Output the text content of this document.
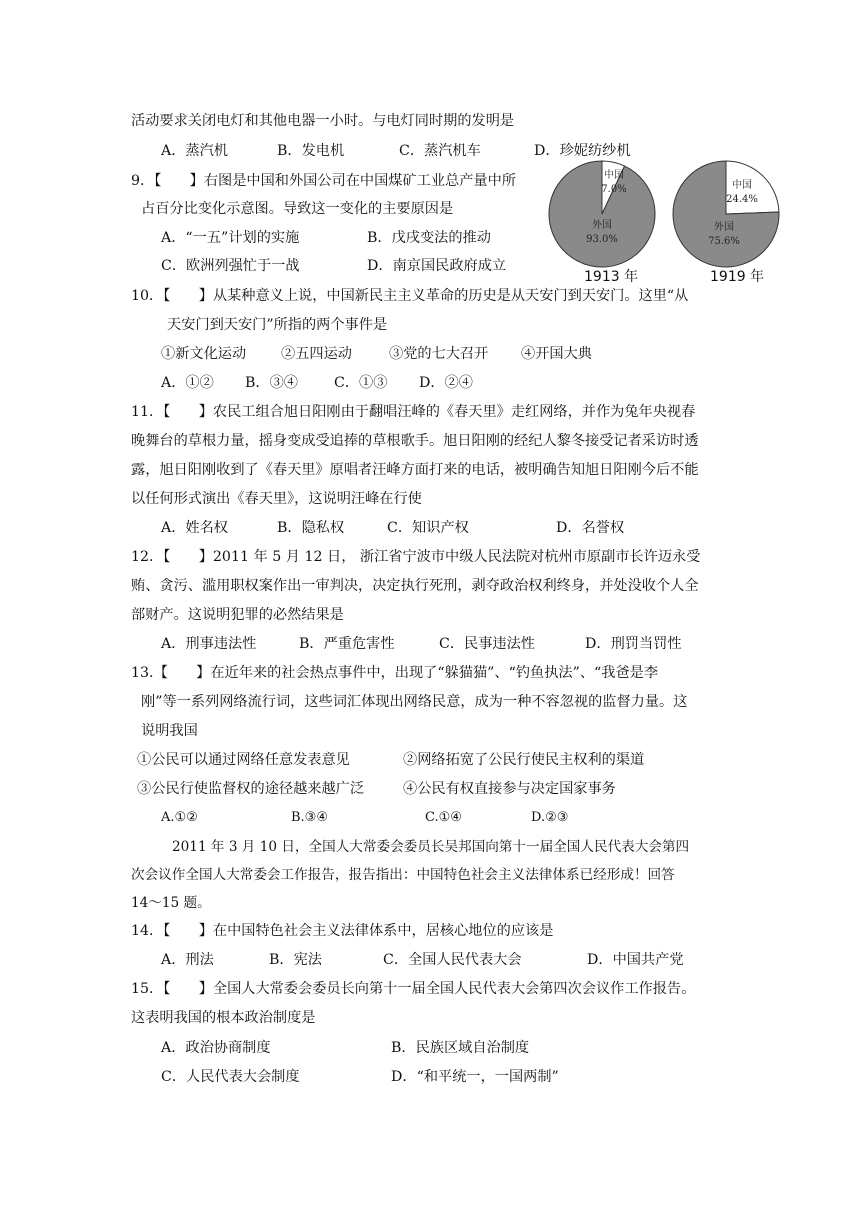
活动要求关闭电灯和其他电器一小时。与电灯同时期的发明是
A．蒸汽机	B．发电机	C．蒸汽机车	D．珍妮纺纱机
9．【　　】右图是中国和外国公司在中国煤矿工业总产量中所
占百分比变化示意图。导致这一变化的主要原因是
A．“一五”计划的实施	B．戊戌变法的推动
C．欧洲列强忙于一战	D．南京国民政府成立
中国
7.0%
外国
93.0%
1913 年
中国
24.4%
外国
75.6%
1919 年
10．【　　】从某种意义上说，中国新民主主义革命的历史是从天安门到天安门。这里“从
天安门到天安门”所指的两个事件是
①新文化运动 ②五四运动	③党的七大召开 ④开国大典
A．①② B．③④	C．①③ D．②④
11．【　　】农民工组合旭日阳刚由于翻唱汪峰的《春天里》走红网络，并作为兔年央视春
晚舞台的草根力量，摇身变成受追捧的草根歌手。旭日阳刚的经纪人黎冬接受记者采访时透
露，旭日阳刚收到了《春天里》原唱者汪峰方面打来的电话，被明确告知旭日阳刚今后不能
以任何形式演出《春天里》，这说明汪峰在行使
A．姓名权	B．隐私权	C．知识产权	D．名誉权
12．【　　】2011 年 5 月 12 日， 浙江省宁波市中级人民法院对杭州市原副市长许迈永受
贿、贪污、滥用职权案作出一审判决，决定执行死刑，剥夺政治权利终身，并处没收个人全
部财产。这说明犯罪的必然结果是
A．刑事违法性	B．严重危害性	C．民事违法性	D．刑罚当罚性
13.【　　】在近年来的社会热点事件中，出现了“躲猫猫”、“钓鱼执法”、“我爸是李
刚”等一系列网络流行词，这些词汇体现出网络民意，成为一种不容忽视的监督力量。这
说明我国
①公民可以通过网络任意发表意见	②网络拓宽了公民行使民主权利的渠道
③公民行使监督权的途径越来越广泛	④公民有权直接参与决定国家事务
A.①②	B.③④	C.①④	D.②③
2011 年 3 月 10 日，全国人大常委会委员长吴邦国向第十一届全国人民代表大会第四
次会议作全国人大常委会工作报告，报告指出：中国特色社会主义法律体系已经形成！回答
14～15 题。
14．【　　】在中国特色社会主义法律体系中，居核心地位的应该是
A．刑法	B．宪法	C．全国人民代表大会	D．中国共产党
15．【　　】全国人大常委会委员长向第十一届全国人民代表大会第四次会议作工作报告。
这表明我国的根本政治制度是
A．政治协商制度	B．民族区域自治制度
C．人民代表大会制度	D．“和平统一，一国两制”
